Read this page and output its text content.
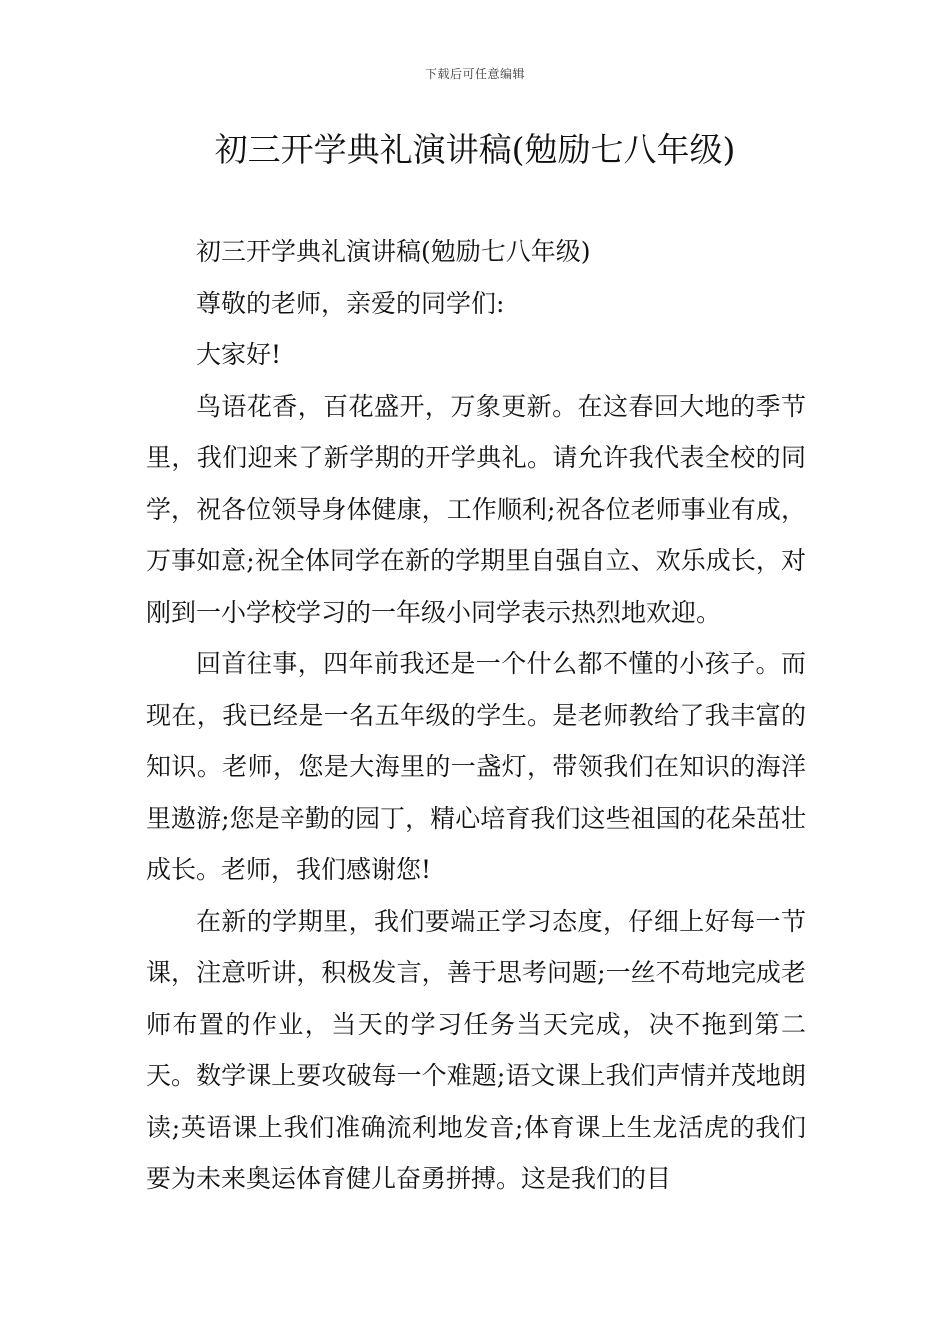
下载后可任意编辑
初三开学典礼演讲稿(勉励七八年级)

初三开学典礼演讲稿(勉励七八年级)

尊敬的老师，亲爱的同学们:

大家好!

鸟语花香，百花盛开，万象更新。在这春回大地的季节里，我们迎来了新学期的开学典礼。请允许我代表全校的同学，祝各位领导身体健康，工作顺利;祝各位老师事业有成，万事如意;祝全体同学在新的学期里自强自立、欢乐成长，对刚到一小学校学习的一年级小同学表示热烈地欢迎。

回首往事，四年前我还是一个什么都不懂的小孩子。而现在，我已经是一名五年级的学生。是老师教给了我丰富的知识。老师，您是大海里的一盏灯，带领我们在知识的海洋里遨游;您是辛勤的园丁，精心培育我们这些祖国的花朵茁壮成长。老师，我们感谢您!

在新的学期里，我们要端正学习态度，仔细上好每一节课，注意听讲，积极发言，善于思考问题;一丝不苟地完成老师布置的作业，当天的学习任务当天完成，决不拖到第二天。数学课上要攻破每一个难题;语文课上我们声情并茂地朗读;英语课上我们准确流利地发音;体育课上生龙活虎的我们要为未来奥运体育健儿奋勇拼搏。这是我们的目
